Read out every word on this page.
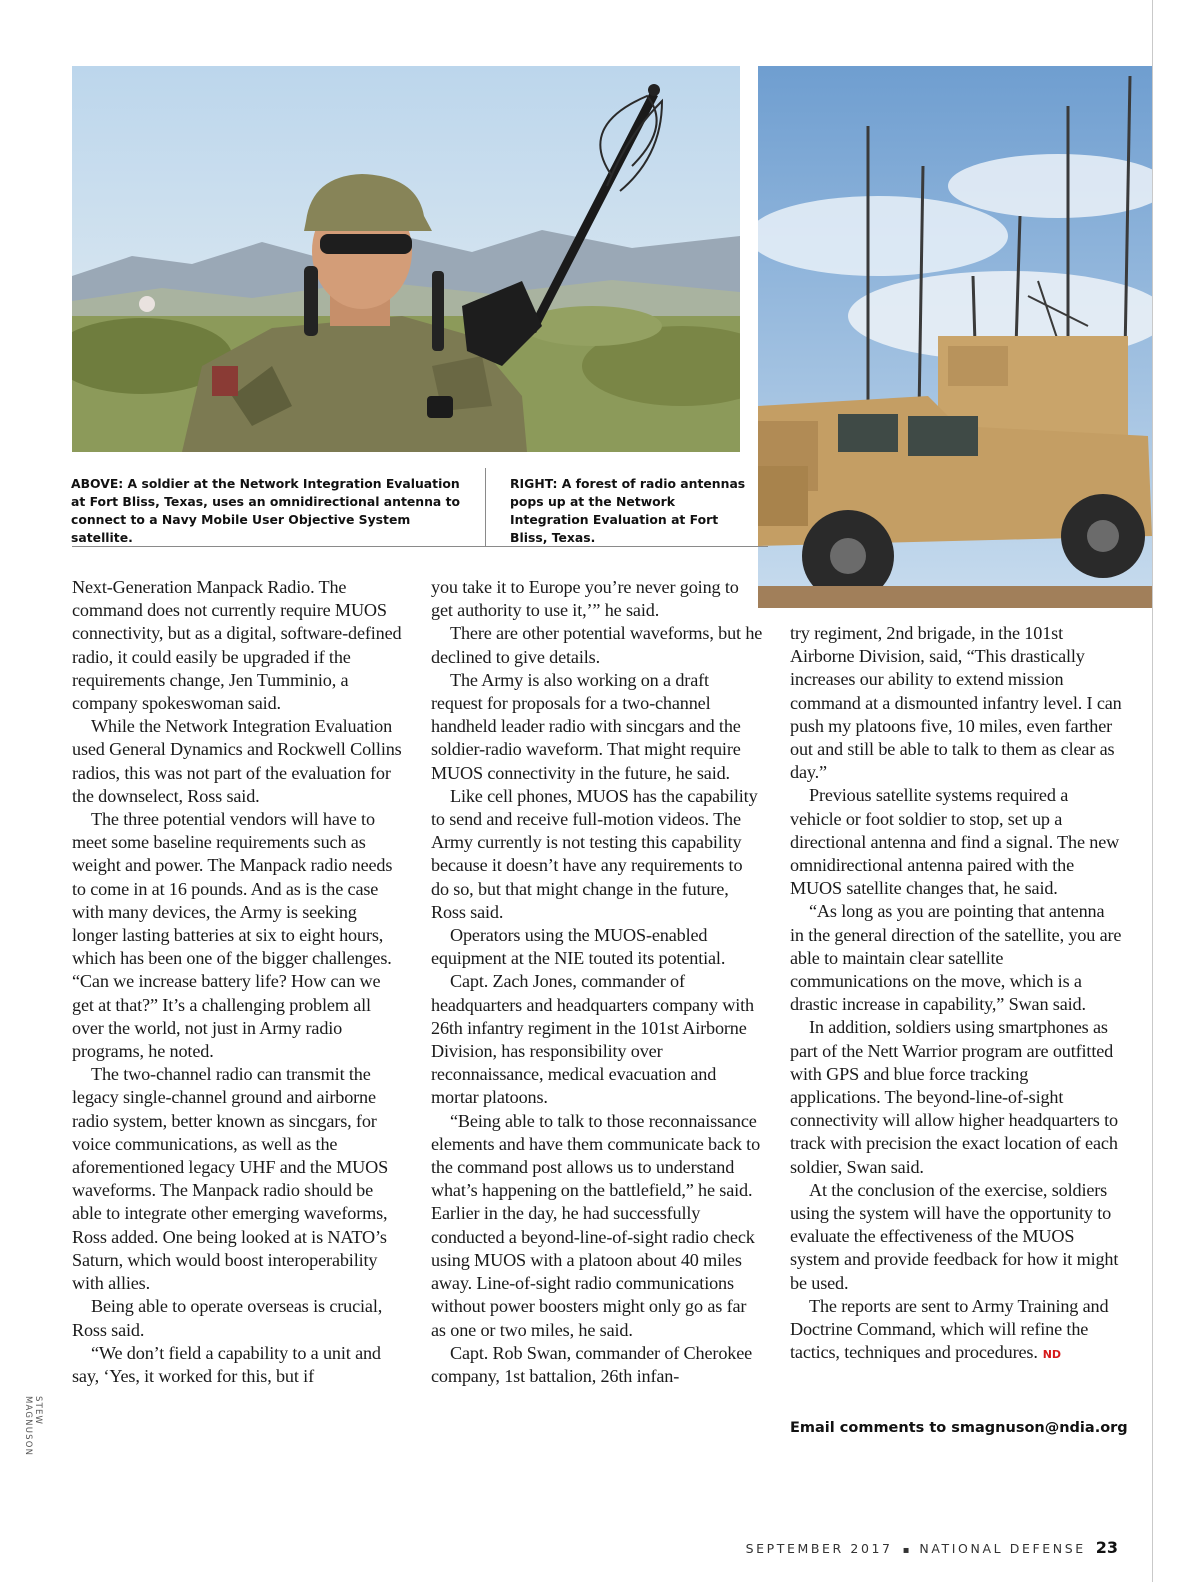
ABOVE: A soldier at the Network Integration Evaluation at Fort Bliss, Texas, uses an omnidirectional antenna to connect to a Navy Mobile User Objective System satellite.
RIGHT: A forest of radio antennas pops up at the Network Integration Evaluation at Fort Bliss, Texas.

Next-Generation Manpack Radio. The command does not currently require MUOS connectivity, but as a digital, software-defined radio, it could easily be upgraded if the requirements change, Jen Tumminio, a company spokeswoman said.

While the Network Integration Evaluation used General Dynamics and Rockwell Collins radios, this was not part of the evaluation for the downselect, Ross said.

The three potential vendors will have to meet some baseline requirements such as weight and power. The Manpack radio needs to come in at 16 pounds. And as is the case with many devices, the Army is seeking longer lasting batteries at six to eight hours, which has been one of the bigger challenges. “Can we increase battery life? How can we get at that?” It’s a challenging problem all over the world, not just in Army radio programs, he noted.

The two-channel radio can transmit the legacy single-channel ground and airborne radio system, better known as sincgars, for voice communications, as well as the aforementioned legacy UHF and the MUOS waveforms. The Manpack radio should be able to integrate other emerging waveforms, Ross added. One being looked at is NATO’s Saturn, which would boost interoperability with allies.

Being able to operate overseas is crucial, Ross said.

“We don’t field a capability to a unit and say, ‘Yes, it worked for this, but if

you take it to Europe you’re never going to get authority to use it,’” he said.

There are other potential waveforms, but he declined to give details.

The Army is also working on a draft request for proposals for a two-channel handheld leader radio with sincgars and the soldier-radio waveform. That might require MUOS connectivity in the future, he said.

Like cell phones, MUOS has the capability to send and receive full-motion videos. The Army currently is not testing this capability because it doesn’t have any requirements to do so, but that might change in the future, Ross said.

Operators using the MUOS-enabled equipment at the NIE touted its potential.

Capt. Zach Jones, commander of headquarters and headquarters company with 26th infantry regiment in the 101st Airborne Division, has responsibility over reconnaissance, medical evacuation and mortar platoons.

“Being able to talk to those reconnaissance elements and have them communicate back to the command post allows us to understand what’s happening on the battlefield,” he said. Earlier in the day, he had successfully conducted a beyond-line-of-sight radio check using MUOS with a platoon about 40 miles away. Line-of-sight radio communications without power boosters might only go as far as one or two miles, he said.

Capt. Rob Swan, commander of Cherokee company, 1st battalion, 26th infan-

try regiment, 2nd brigade, in the 101st Airborne Division, said, “This drastically increases our ability to extend mission command at a dismounted infantry level. I can push my platoons five, 10 miles, even farther out and still be able to talk to them as clear as day.”

Previous satellite systems required a vehicle or foot soldier to stop, set up a directional antenna and find a signal. The new omnidirectional antenna paired with the MUOS satellite changes that, he said.

“As long as you are pointing that antenna in the general direction of the satellite, you are able to maintain clear satellite communications on the move, which is a drastic increase in capability,” Swan said.

In addition, soldiers using smartphones as part of the Nett Warrior program are outfitted with GPS and blue force tracking applications. The beyond-line-of-sight connectivity will allow higher headquarters to track with precision the exact location of each soldier, Swan said.

At the conclusion of the exercise, soldiers using the system will have the opportunity to evaluate the effectiveness of the MUOS system and provide feedback for how it might be used.

The reports are sent to Army Training and Doctrine Command, which will refine the tactics, techniques and procedures. ND

Email comments to smagnuson@ndia.org
STEW MAGNUSON
SEPTEMBER 2017 ▪ NATIONAL DEFENSE 23
